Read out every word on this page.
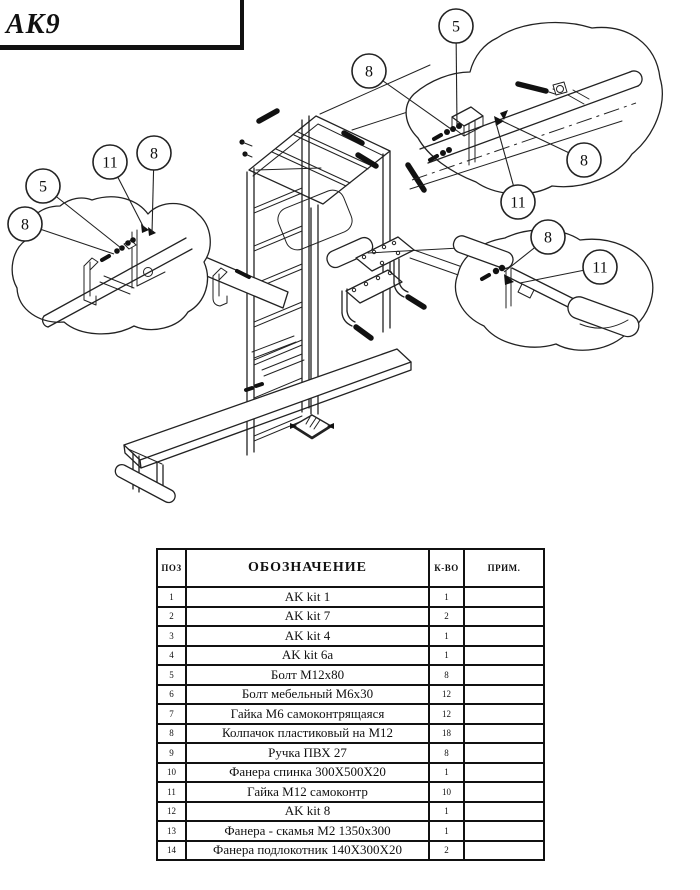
5
8
8
11
11
8
5
8
8
11
АК9
ПОЗ	ОБОЗНАЧЕНИЕ	К-ВО	ПРИМ.
1	AK kit 1	1	
2	AK kit 7	2	
3	AK kit 4	1	
4	AK kit 6a	1	
5	Болт М12х80	8	
6	Болт мебельный М6х30	12	
7	Гайка М6 самоконтрящаяся	12	
8	Колпачок пластиковый на М12	18	
9	Ручка ПВХ 27	8	
10	Фанера спинка 300Х500Х20	1	
11	Гайка М12 самоконтр	10	
12	AK kit 8	1	
13	Фанера - скамья М2 1350х300	1	
14	Фанера подлокотник 140Х300Х20	2	
